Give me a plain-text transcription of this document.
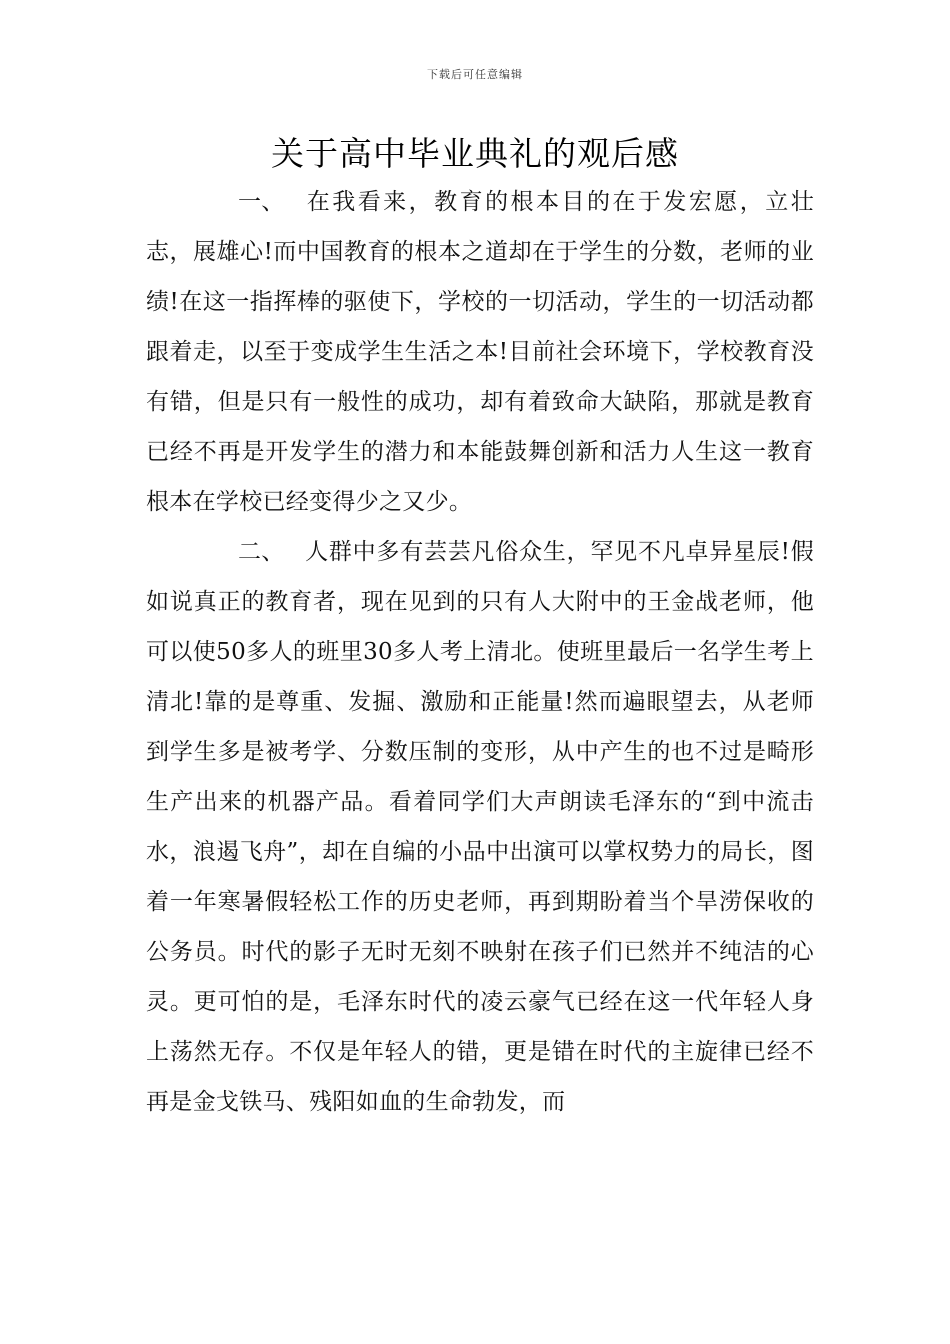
下载后可任意编辑
关于高中毕业典礼的观后感

一、 在我看来，教育的根本目的在于发宏愿，立壮志，展雄心!而中国教育的根本之道却在于学生的分数，老师的业绩!在这一指挥棒的驱使下，学校的一切活动，学生的一切活动都跟着走，以至于变成学生生活之本!目前社会环境下，学校教育没有错，但是只有一般性的成功，却有着致命大缺陷，那就是教育已经不再是开发学生的潜力和本能鼓舞创新和活力人生这一教育根本在学校已经变得少之又少。

二、 人群中多有芸芸凡俗众生，罕见不凡卓异星辰!假如说真正的教育者，现在见到的只有人大附中的王金战老师，他可以使50多人的班里30多人考上清北。使班里最后一名学生考上清北!靠的是尊重、发掘、激励和正能量!然而遍眼望去，从老师到学生多是被考学、分数压制的变形，从中产生的也不过是畸形生产出来的机器产品。看着同学们大声朗读毛泽东的“到中流击水，浪遏飞舟”，却在自编的小品中出演可以掌权势力的局长，图着一年寒暑假轻松工作的历史老师，再到期盼着当个旱涝保收的公务员。时代的影子无时无刻不映射在孩子们已然并不纯洁的心灵。更可怕的是，毛泽东时代的凌云豪气已经在这一代年轻人身上荡然无存。不仅是年轻人的错，更是错在时代的主旋律已经不再是金戈铁马、残阳如血的生命勃发，而
